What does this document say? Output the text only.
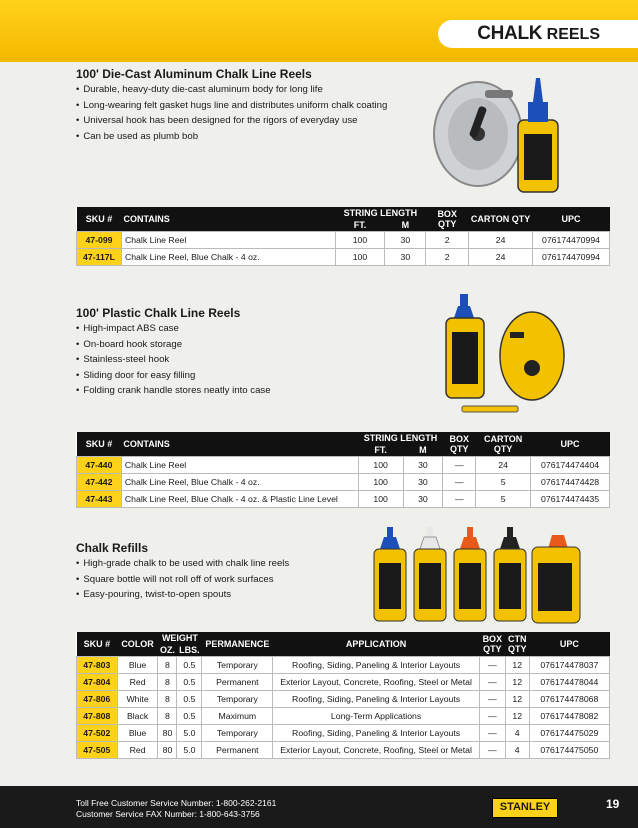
CHALK REELS
100' Die-Cast Aluminum Chalk Line Reels
• Durable, heavy-duty die-cast aluminum body for long life
• Long-wearing felt gasket hugs line and distributes uniform chalk coating
• Universal hook has been designed for the rigors of everyday use
• Can be used as plumb bob
SKU #	CONTAINS	STRING LENGTH		BOX QTY	CARTON QTY	UPC
		FT.	M			
47-099	Chalk Line Reel	100	30	2	24	076174470994
47-117L	Chalk Line Reel, Blue Chalk - 4 oz.	100	30	2	24	076174470994
100' Plastic Chalk Line Reels
• High-impact ABS case
• On-board hook storage
• Stainless-steel hook
• Sliding door for easy filling
• Folding crank handle stores neatly into case
SKU #	CONTAINS	STRING LENGTH		BOX QTY	CARTON QTY	UPC
		FT.	M			
47-440	Chalk Line Reel	100	30	—	24	076174474404
47-442	Chalk Line Reel, Blue Chalk - 4 oz.	100	30	—	5	076174474428
47-443	Chalk Line Reel, Blue Chalk - 4 oz. & Plastic Line Level	100	30	—	5	076174474435
Chalk Refills
• High-grade chalk to be used with chalk line reels
• Square bottle will not roll off of work surfaces
• Easy-pouring, twist-to-open spouts
SKU #	COLOR	WEIGHT		PERMANENCE	APPLICATION	BOX QTY	CTN QTY	UPC
		OZ.	LBS.					
47-803	Blue	8	0.5	Temporary	Roofing, Siding, Paneling & Interior Layouts	—	12	076174478037
47-804	Red	8	0.5	Permanent	Exterior Layout, Concrete, Roofing, Steel or Metal	—	12	076174478044
47-806	White	8	0.5	Temporary	Roofing, Siding, Paneling & Interior Layouts	—	12	076174478068
47-808	Black	8	0.5	Maximum	Long-Term Applications	—	12	076174478082
47-502	Blue	80	5.0	Temporary	Roofing, Siding, Paneling & Interior Layouts	—	4	076174475029
47-505	Red	80	5.0	Permanent	Exterior Layout, Concrete, Roofing, Steel or Metal	—	4	076174475050
Toll Free Customer Service Number: 1-800-262-2161
Customer Service FAX Number: 1-800-643-3756
STANLEY	19
